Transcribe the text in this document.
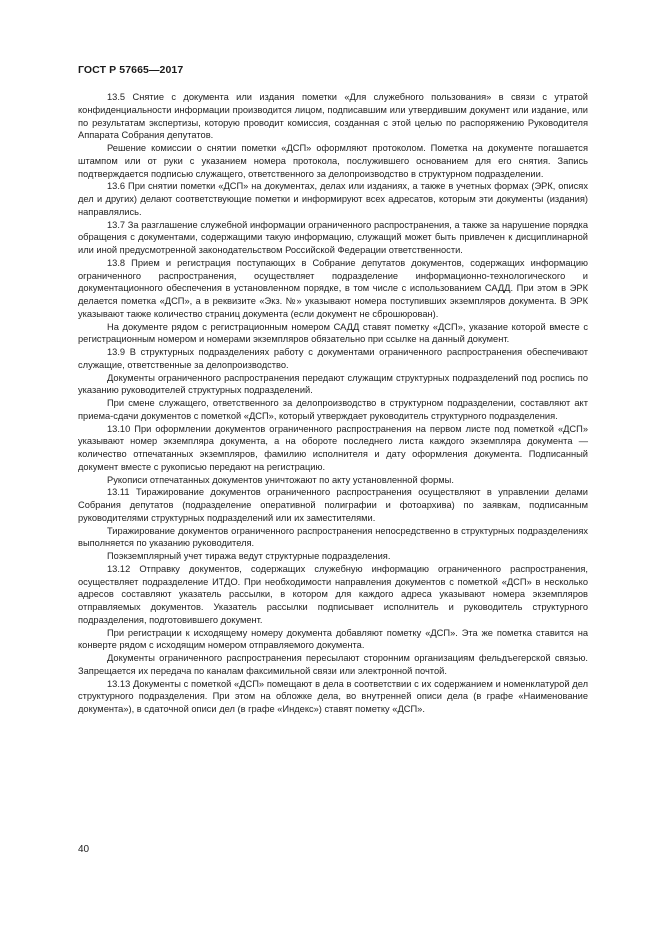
ГОСТ Р 57665—2017

13.5 Снятие с документа или издания пометки «Для служебного пользования» в связи с утратой конфиденциальности информации производится лицом, подписавшим или утвердившим документ или издание, или по результатам экспертизы, которую проводит комиссия, созданная с этой целью по распоряжению Руководителя Аппарата Собрания депутатов.

Решение комиссии о снятии пометки «ДСП» оформляют протоколом. Пометка на документе погашается штампом или от руки с указанием номера протокола, послужившего основанием для его снятия. Запись подтверждается подписью служащего, ответственного за делопроизводство в структурном подразделении.

13.6 При снятии пометки «ДСП» на документах, делах или изданиях, а также в учетных формах (ЭРК, описях дел и других) делают соответствующие пометки и информируют всех адресатов, которым эти документы (издания) направлялись.

13.7 За разглашение служебной информации ограниченного распространения, а также за нарушение порядка обращения с документами, содержащими такую информацию, служащий может быть привлечен к дисциплинарной или иной предусмотренной законодательством Российской Федерации ответственности.

13.8 Прием и регистрация поступающих в Собрание депутатов документов, содержащих информацию ограниченного распространения, осуществляет подразделение информационно-технологического и документационного обеспечения в установленном порядке, в том числе с использованием САДД. При этом в ЭРК делается пометка «ДСП», а в реквизите «Экз. №» указывают номера поступивших экземпляров документа. В ЭРК указывают также количество страниц документа (если документ не сброшюрован).

На документе рядом с регистрационным номером САДД ставят пометку «ДСП», указание которой вместе с регистрационным номером и номерами экземпляров обязательно при ссылке на данный документ.

13.9 В структурных подразделениях работу с документами ограниченного распространения обеспечивают служащие, ответственные за делопроизводство.

Документы ограниченного распространения передают служащим структурных подразделений под роспись по указанию руководителей структурных подразделений.

При смене служащего, ответственного за делопроизводство в структурном подразделении, составляют акт приема-сдачи документов с пометкой «ДСП», который утверждает руководитель структурного подразделения.

13.10 При оформлении документов ограниченного распространения на первом листе под пометкой «ДСП» указывают номер экземпляра документа, а на обороте последнего листа каждого экземпляра документа — количество отпечатанных экземпляров, фамилию исполнителя и дату оформления документа. Подписанный документ вместе с рукописью передают на регистрацию.

Рукописи отпечатанных документов уничтожают по акту установленной формы.

13.11 Тиражирование документов ограниченного распространения осуществляют в управлении делами Собрания депутатов (подразделение оперативной полиграфии и фотоархива) по заявкам, подписанным руководителями структурных подразделений или их заместителями.

Тиражирование документов ограниченного распространения непосредственно в структурных подразделениях выполняется по указанию руководителя.

Поэкземплярный учет тиража ведут структурные подразделения.

13.12 Отправку документов, содержащих служебную информацию ограниченного распространения, осуществляет подразделение ИТДО. При необходимости направления документов с пометкой «ДСП» в несколько адресов составляют указатель рассылки, в котором для каждого адреса указывают номера экземпляров отправляемых документов. Указатель рассылки подписывает исполнитель и руководитель структурного подразделения, подготовившего документ.

При регистрации к исходящему номеру документа добавляют пометку «ДСП». Эта же пометка ставится на конверте рядом с исходящим номером отправляемого документа.

Документы ограниченного распространения пересылают сторонним организациям фельдъегерской связью. Запрещается их передача по каналам факсимильной связи или электронной почтой.

13.13 Документы с пометкой «ДСП» помещают в дела в соответствии с их содержанием и номенклатурой дел структурного подразделения. При этом на обложке дела, во внутренней описи дела (в графе «Наименование документа»), в сдаточной описи дел (в графе «Индекс») ставят пометку «ДСП».

40
